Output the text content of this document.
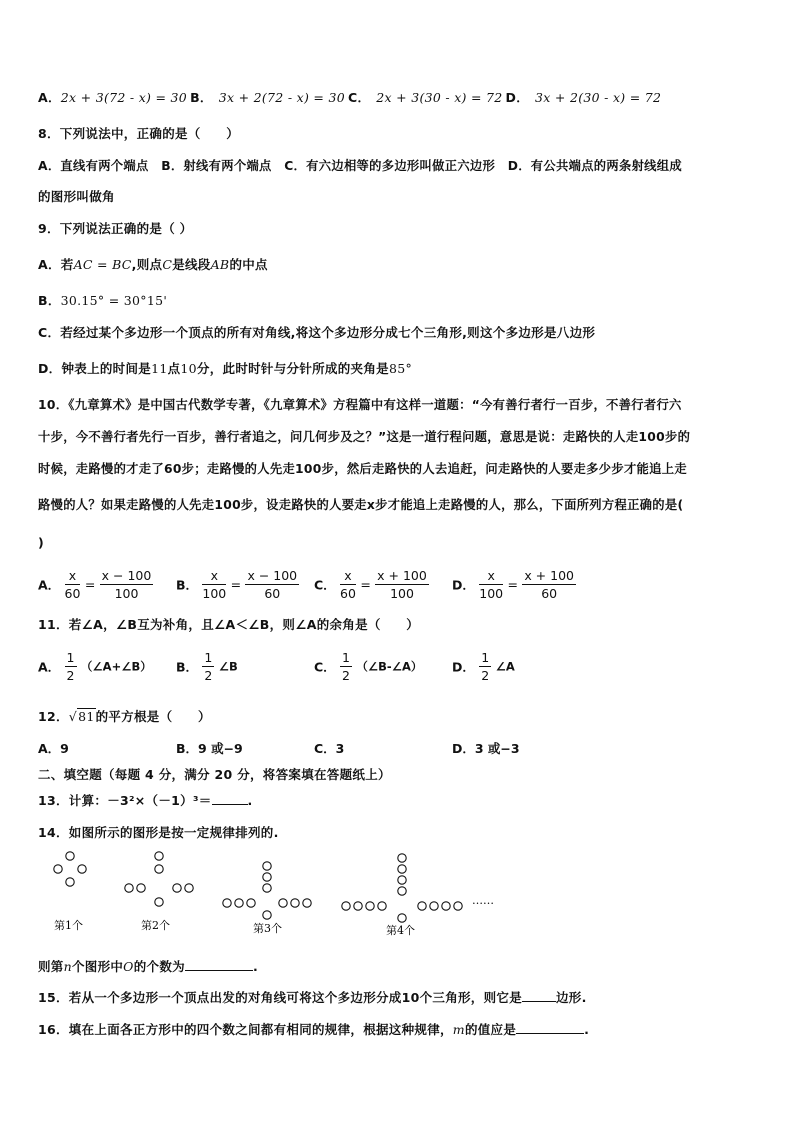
A．2x + 3(72 - x) = 30 B． 3x + 2(72 - x) = 30 C． 2x + 3(30 - x) = 72 D． 3x + 2(30 - x) = 72
8．下列说法中，正确的是（　　）
A．直线有两个端点　B．射线有两个端点　C．有六边相等的多边形叫做正六边形　D．有公共端点的两条射线组成
的图形叫做角
9．下列说法正确的是（ ）
A．若AC = BC,则点C是线段AB的中点
B．30.15° = 30°15'
C．若经过某个多边形一个顶点的所有对角线,将这个多边形分成七个三角形,则这个多边形是八边形
D．钟表上的时间是11点10分，此时时针与分针所成的夹角是85°
10．《九章算术》是中国古代数学专著，《九章算术》方程篇中有这样一道题：“今有善行者行一百步，不善行者行六
十步，今不善行者先行一百步，善行者追之，问几何步及之？”这是一道行程问题，意思是说：走路快的人走100步的
时候，走路慢的才走了60步；走路慢的人先走100步，然后走路快的人去追赶，问走路快的人要走多少步才能追上走
路慢的人？如果走路慢的人先走100步，设走路快的人要走x步才能追上走路慢的人，那么，下面所列方程正确的是(
)
A． $\frac{x}{60} = \frac{x - 100}{100}$ B． $\frac{x}{100} = \frac{x - 100}{60}$ C． $\frac{x}{60} = \frac{x + 100}{100}$ D． $\frac{x}{100} = \frac{x + 100}{60}$
11．若∠A，∠B互为补角，且∠A＜∠B，则∠A的余角是（　　）
A． $\frac{1}{2}$ （∠A+∠B） B． $\frac{1}{2}$ ∠B	C． $\frac{1}{2}$ （∠B-∠A） D． $\frac{1}{2}$ ∠A
12．√81的平方根是（　　）
A．9	B．9 或−9	C．3	D．3 或−3
二、填空题（每题 4 分，满分 20 分，将答案填在答题纸上）
13．计算：－3²×（－1）³＝	.
14．如图所示的图形是按一定规律排列的.
第1个	第2个	第3个	第4个
……
则第n个图形中O的个数为	.
15．若从一个多边形一个顶点出发的对角线可将这个多边形分成10个三角形，则它是	边形.
16．填在上面各正方形中的四个数之间都有相同的规律，根据这种规律，m的值应是	.
